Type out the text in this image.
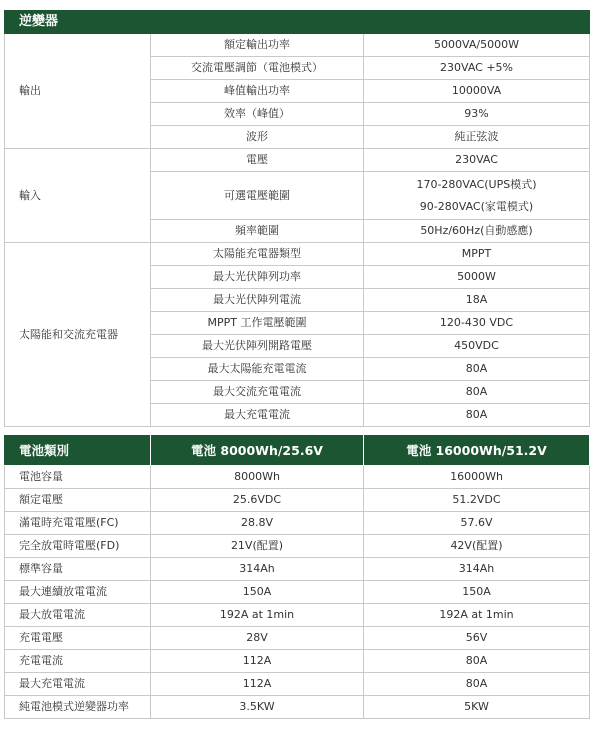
逆變器		
輸出	額定輸出功率	5000VA/5000W
	交流電壓調節（電池模式）	230VAC +5%
	峰值輸出功率	10000VA
	效率（峰值）	93%
	波形	純正弦波
輸入	電壓	230VAC
	可選電壓範圍	170-280VAC(UPS模式)
90-280VAC(家電模式)

	頻率範圍	50Hz/60Hz(自動感應)
太陽能和交流充電器	太陽能充電器類型	MPPT
	最大光伏陣列功率	5000W
	最大光伏陣列電流	18A
	MPPT 工作電壓範圍	120-430 VDC
	最大光伏陣列開路電壓	450VDC
	最大太陽能充電電流	80A
	最大交流充電電流	80A
	最大充電電流	80A
電池類別	電池 8000Wh/25.6V	電池 16000Wh/51.2V
電池容量	8000Wh	16000Wh
額定電壓	25.6VDC	51.2VDC
滿電時充電電壓(FC)	28.8V	57.6V
完全放電時電壓(FD)	21V(配置)	42V(配置)
標準容量	314Ah	314Ah
最大連續放電電流	150A	150A
最大放電電流	192A at 1min	192A at 1min
充電電壓	28V	56V
充電電流	112A	80A
最大充電電流	112A	80A
純電池模式逆變器功率	3.5KW	5KW
